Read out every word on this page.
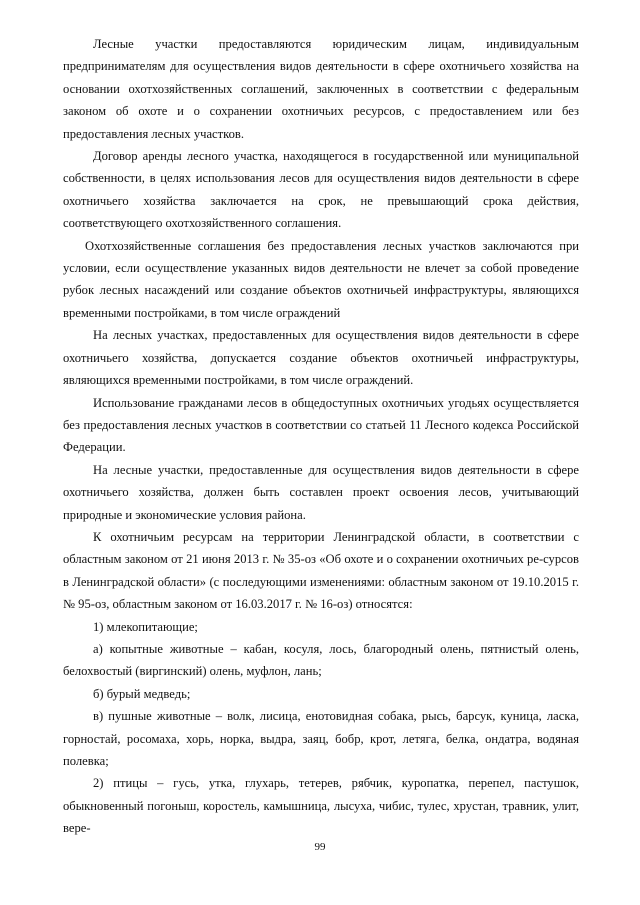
Лесные участки предоставляются юридическим лицам, индивидуальным предпринимателям для осуществления видов деятельности в сфере охотничьего хозяйства на основании охотхозяйственных соглашений, заключенных в соответствии с федеральным законом об охоте и о сохранении охотничьих ресурсов, с предоставлением или без предоставления лесных участков.

Договор аренды лесного участка, находящегося в государственной или муниципальной собственности, в целях использования лесов для осуществления видов деятельности в сфере охотничьего хозяйства заключается на срок, не превышающий срока действия, соответствующего охотхозяйственного соглашения.

Охотхозяйственные соглашения без предоставления лесных участков заключаются при условии, если осуществление указанных видов деятельности не влечет за собой проведение рубок лесных насаждений или создание объектов охотничьей инфраструктуры, являющихся временными постройками, в том числе ограждений

На лесных участках, предоставленных для осуществления видов деятельности в сфере охотничьего хозяйства, допускается создание объектов охотничьей инфраструктуры, являющихся временными постройками, в том числе ограждений.

Использование гражданами лесов в общедоступных охотничьих угодьях осуществляется без предоставления лесных участков в соответствии со статьей 11 Лесного кодекса Российской Федерации.

На лесные участки, предоставленные для осуществления видов деятельности в сфере охотничьего хозяйства, должен быть составлен проект освоения лесов, учитывающий природные и экономические условия района.

К охотничьим ресурсам на территории Ленинградской области, в соответствии с областным законом от 21 июня 2013 г. № 35-оз «Об охоте и о сохранении охотничьих ре-сурсов в Ленинградской области» (с последующими изменениями: областным законом от 19.10.2015 г. № 95-оз, областным законом от 16.03.2017 г. № 16-оз) относятся:

1) млекопитающие;

а) копытные животные – кабан, косуля, лось, благородный олень, пятнистый олень, белохвостый (виргинский) олень, муфлон, лань;

б) бурый медведь;

в) пушные животные – волк, лисица, енотовидная собака, рысь, барсук, куница, ласка, горностай, росомаха, хорь, норка, выдра, заяц, бобр, крот, летяга, белка, ондатра, водяная полевка;

2) птицы – гусь, утка, глухарь, тетерев, рябчик, куропатка, перепел, пастушок, обыкновенный погоныш, коростель, камышница, лысуха, чибис, тулес, хрустан, травник, улит, вере-

99
